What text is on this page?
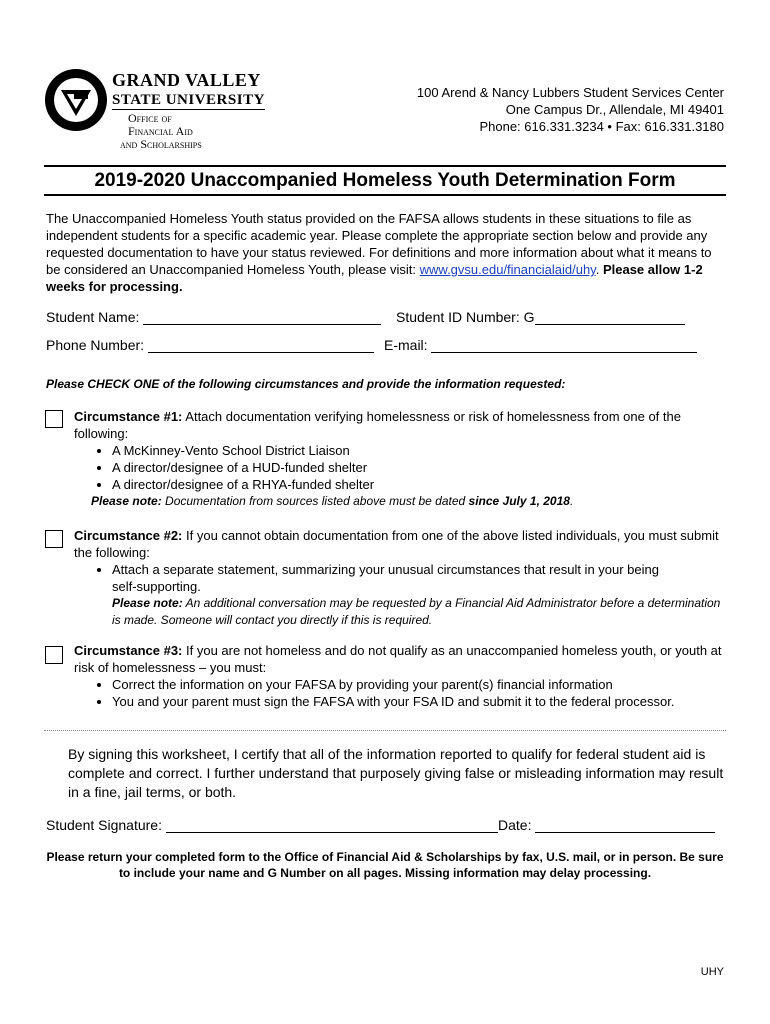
GRAND VALLEY
STATE UNIVERSITY
Office of
Financial Aid
and Scholarships
100 Arend & Nancy Lubbers Student Services Center
One Campus Dr., Allendale, MI 49401
Phone: 616.331.3234 • Fax: 616.331.3180
2019-2020 Unaccompanied Homeless Youth Determination Form
The Unaccompanied Homeless Youth status provided on the FAFSA allows students in these situations to file as independent students for a specific academic year. Please complete the appropriate section below and provide any requested documentation to have your status reviewed. For definitions and more information about what it means to be considered an Unaccompanied Homeless Youth, please visit: www.gvsu.edu/financialaid/uhy. Please allow 1-2 weeks for processing.
Student Name:	Student ID Number: G
Phone Number:	E-mail:
Please CHECK ONE of the following circumstances and provide the information requested:
Circumstance #1: Attach documentation verifying homelessness or risk of homelessness from one of the following:
• A McKinney-Vento School District Liaison
• A director/designee of a HUD-funded shelter
• A director/designee of a RHYA-funded shelter
Please note: Documentation from sources listed above must be dated since July 1, 2018.
Circumstance #2: If you cannot obtain documentation from one of the above listed individuals, you must submit the following:
• Attach a separate statement, summarizing your unusual circumstances that result in your being self-supporting.
Please note: An additional conversation may be requested by a Financial Aid Administrator before a determination is made. Someone will contact you directly if this is required.
Circumstance #3: If you are not homeless and do not qualify as an unaccompanied homeless youth, or youth at risk of homelessness – you must:
• Correct the information on your FAFSA by providing your parent(s) financial information
• You and your parent must sign the FAFSA with your FSA ID and submit it to the federal processor.
By signing this worksheet, I certify that all of the information reported to qualify for federal student aid is complete and correct. I further understand that purposely giving false or misleading information may result in a fine, jail terms, or both.
Student Signature:	Date:
Please return your completed form to the Office of Financial Aid & Scholarships by fax, U.S. mail, or in person. Be sure to include your name and G Number on all pages. Missing information may delay processing.
UHY
